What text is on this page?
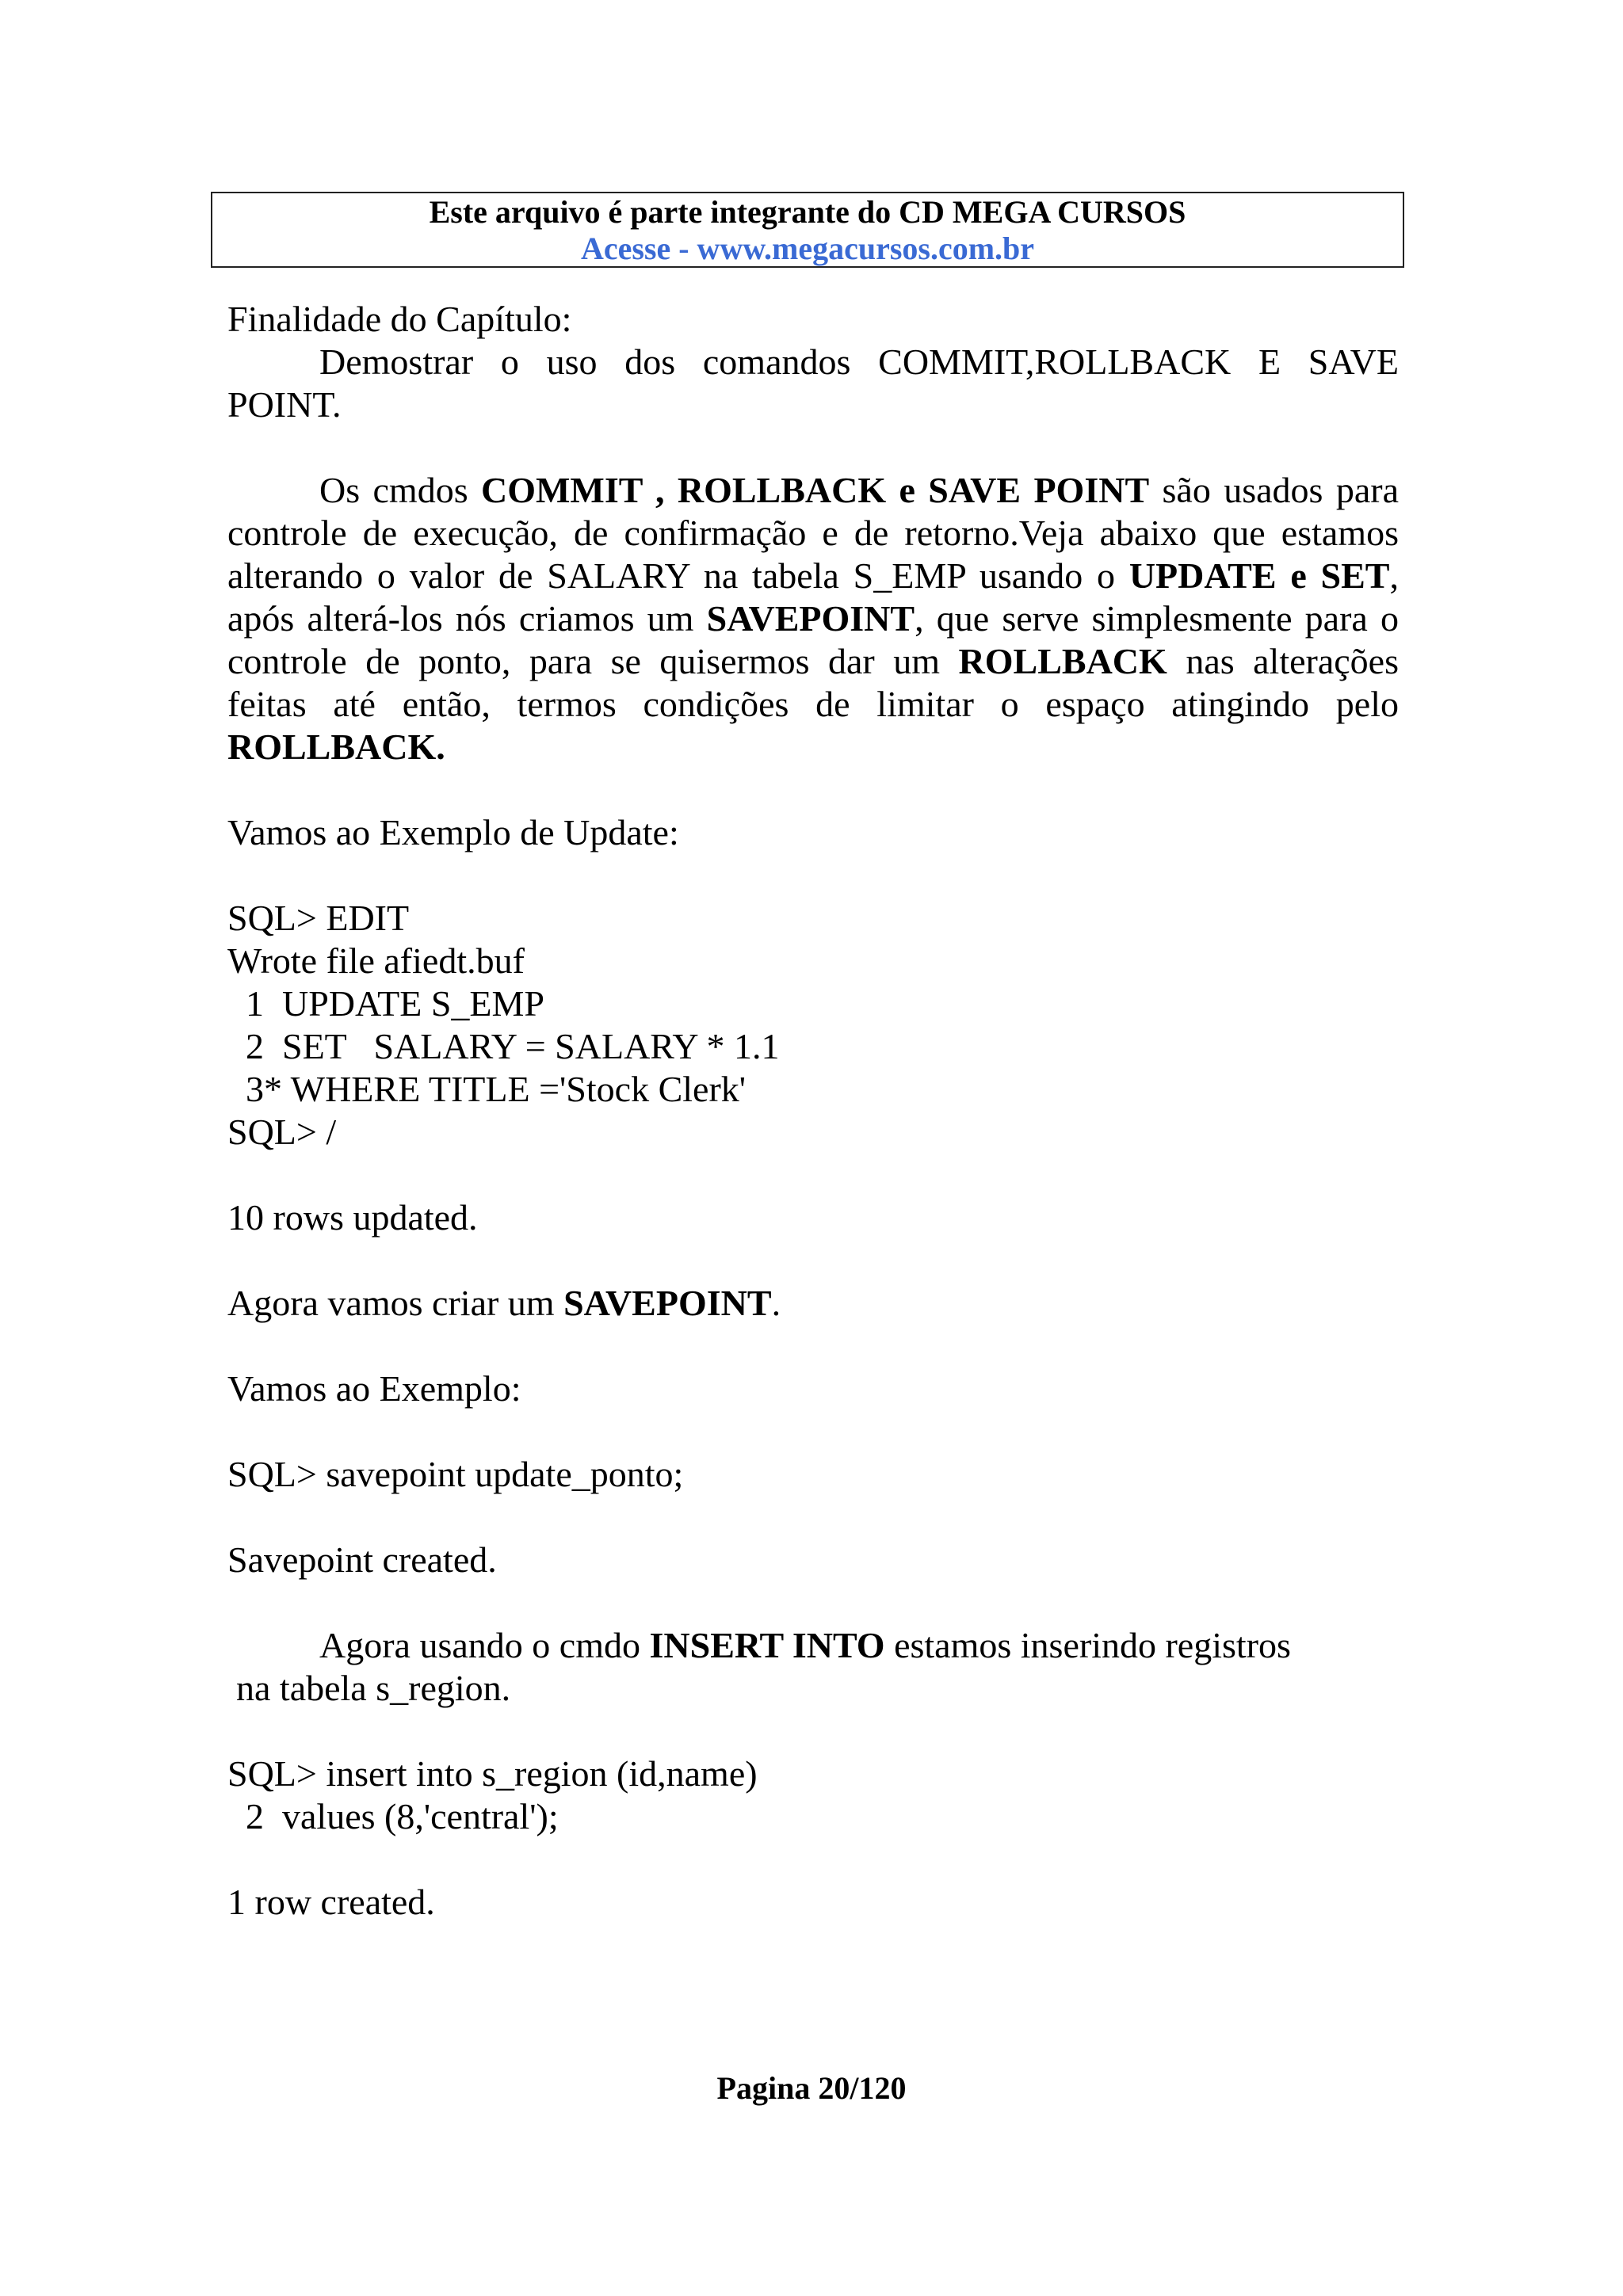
Este arquivo é parte integrante do CD MEGA CURSOS
Acesse - www.megacursos.com.br
Finalidade do Capítulo:
Demostrar o uso dos comandos COMMIT,ROLLBACK E SAVE
POINT.
Os cmdos COMMIT , ROLLBACK e SAVE POINT são usados para
controle de execução, de confirmação e de retorno.Veja abaixo que estamos
alterando o valor de SALARY na tabela S_EMP usando o UPDATE e SET,
após alterá-los nós criamos um SAVEPOINT, que serve simplesmente para o
controle de ponto, para se quisermos dar um ROLLBACK nas alterações
feitas até então, termos condições de limitar o espaço atingindo pelo
ROLLBACK.
Vamos ao Exemplo de Update:
SQL> EDIT
Wrote file afiedt.buf
1  UPDATE S_EMP
2  SET   SALARY = SALARY * 1.1
3* WHERE TITLE ='Stock Clerk'
SQL> /
10 rows updated.
Agora vamos criar um SAVEPOINT.
Vamos ao Exemplo:
SQL> savepoint update_ponto;
Savepoint created.
Agora usando o cmdo INSERT INTO estamos inserindo registros
na tabela s_region.
SQL> insert into s_region (id,name)
2  values (8,'central');
1 row created.
Pagina 20/120
